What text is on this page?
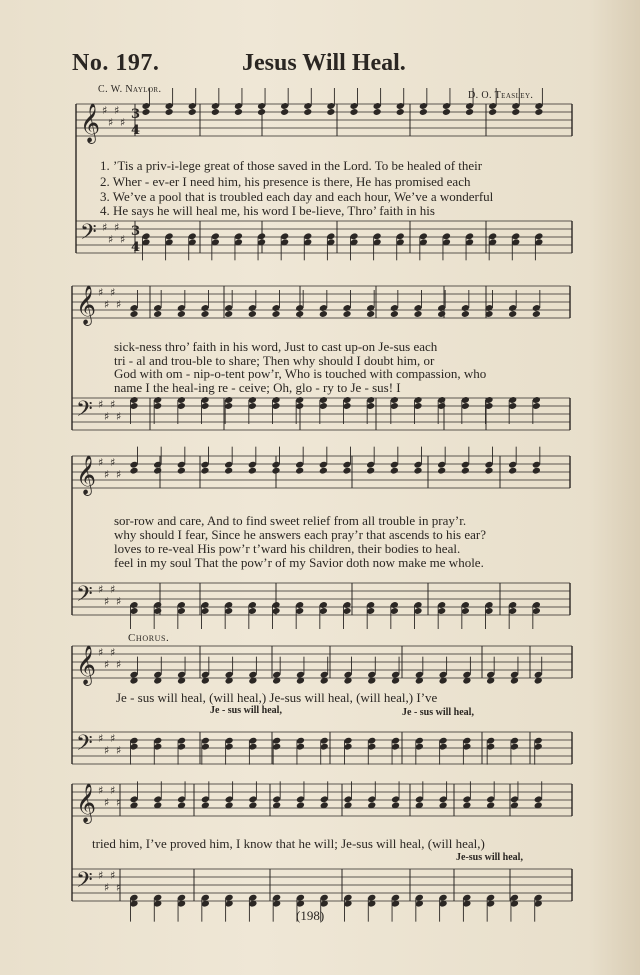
𝄞 ♯
♯
♯
♯
3
4
𝄢 ♯
♯
♯
♯
3
4
𝄞 ♯
♯
♯
♯
𝄢 ♯
♯
♯
♯
𝄞 ♯
♯
♯
♯
𝄢 ♯
♯
♯
♯
𝄞 ♯
♯
♯
♯
𝄢 ♯
♯
♯
♯
𝄞 ♯
♯
♯
♯
𝄢 ♯
♯
♯
♯
No. 197.	Jesus Will Heal.
C. W. Naylor.
D. O. Teasley.
1. ’Tis a priv-i-lege great of those saved in the Lord. To be healed of their
2. Wher - ev-er I need him, his presence is there, He has promised each
3. We’ve a pool that is troubled each day and each hour, We’ve a wonderful
4. He says he will heal me, his word I be-lieve, Thro’ faith in his
sick-ness thro’ faith in his word, Just to cast up-on Je-sus each
tri - al and trou-ble to share; Then why should I doubt him, or
God with om - nip-o-tent pow’r, Who is touched with compassion, who
name I the heal-ing re - ceive; Oh, glo - ry to Je - sus! I
sor-row and care, And to find sweet relief from all trouble in pray’r.
why should I fear, Since he answers each pray’r that ascends to his ear?
loves to re-veal His pow’r t’ward his children, their bodies to heal.
feel in my soul That the pow’r of my Savior doth now make me whole.
Chorus.
Je - sus will heal, (will heal,) Je-sus will heal, (will heal,) I’ve
Je - sus will heal,	Je - sus will heal,
tried him, I’ve proved him, I know that he will; Je-sus will heal, (will heal,)
Je-sus will heal,
(198)
